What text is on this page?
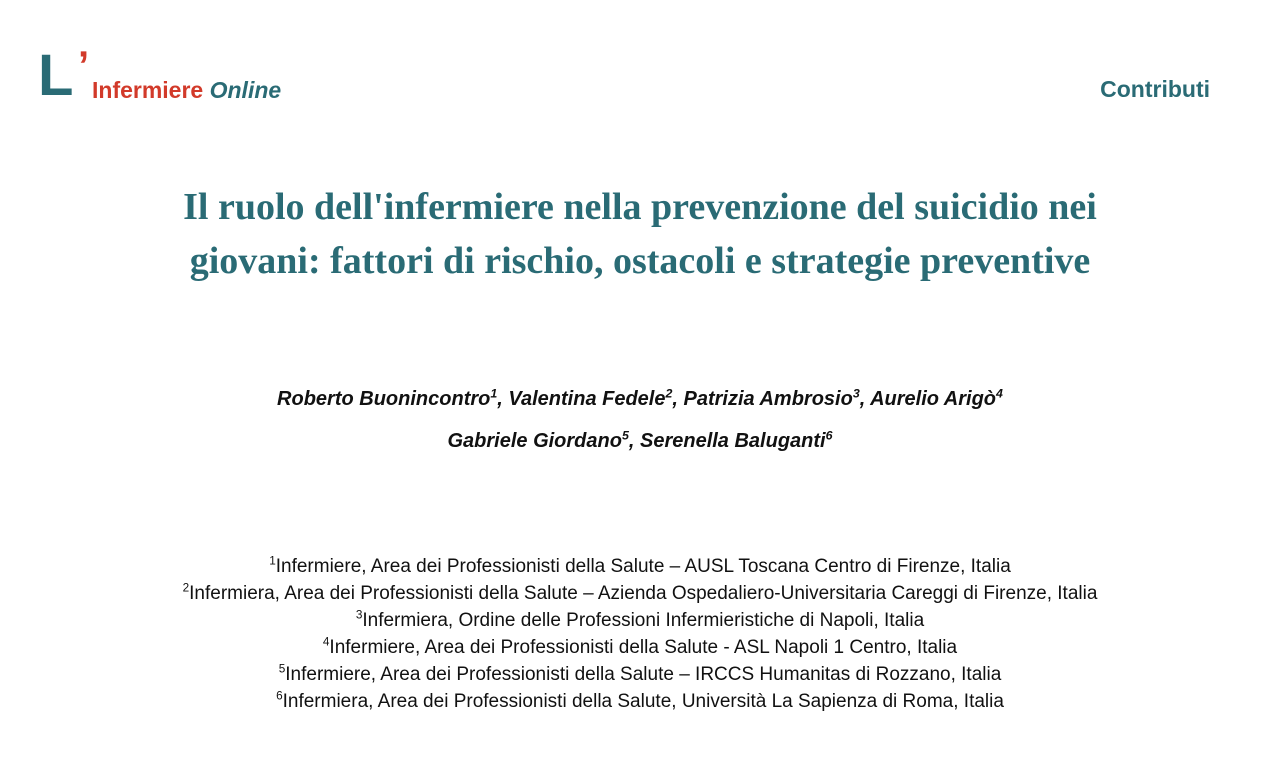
L ’
Infermiere Online	Contributi
Il ruolo dell'infermiere nella prevenzione del suicidio nei
giovani: fattori di rischio, ostacoli e strategie preventive
Roberto Buonincontro$^1$, Valentina Fedele$^2$, Patrizia Ambrosio$^3$, Aurelio Arigò$^4$
Gabriele Giordano$^5$, Serenella Baluganti$^6$
$^1$Infermiere, Area dei Professionisti della Salute – AUSL Toscana Centro di Firenze, Italia
$^2$Infermiera, Area dei Professionisti della Salute – Azienda Ospedaliero-Universitaria Careggi di Firenze, Italia
$^3$Infermiera, Ordine delle Professioni Infermieristiche di Napoli, Italia
$^4$Infermiere, Area dei Professionisti della Salute - ASL Napoli 1 Centro, Italia
$^5$Infermiere, Area dei Professionisti della Salute – IRCCS Humanitas di Rozzano, Italia
$^6$Infermiera, Area dei Professionisti della Salute, Università La Sapienza di Roma, Italia
